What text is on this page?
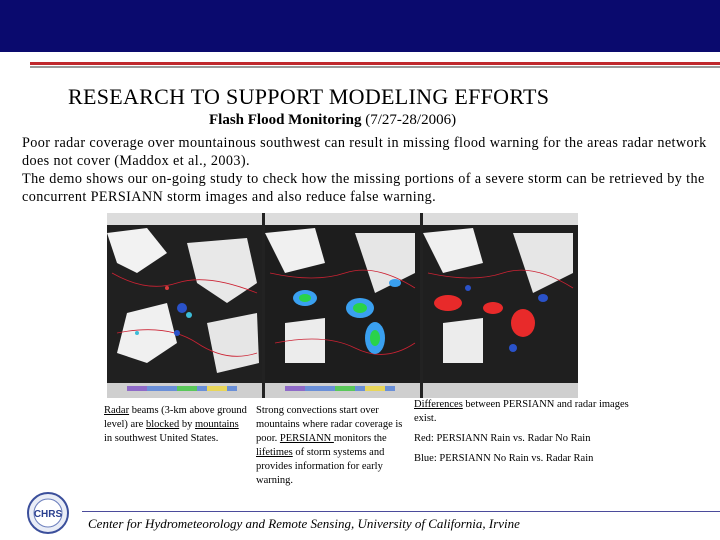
RESEARCH TO SUPPORT MODELING EFFORTS
Flash Flood Monitoring (7/27-28/2006)

Poor radar coverage over mountainous southwest can result in missing flood warning for the areas radar network does not cover (Maddox et al., 2003).

The demo shows our on-going study to check how the missing portions of a severe storm can be retrieved by the concurrent PERSIANN storm images and also reduce false warning.

Radar beams (3-km above ground level) are blocked by mountains in southwest United States.
Strong convections start over mountains where radar coverage is poor. PERSIANN monitors the lifetimes of storm systems and provides information for early warning.
Differences between PERSIANN and radar images exist.
Red: PERSIANN Rain vs. Radar No Rain
Blue: PERSIANN No Rain vs. Radar Rain
CHRS
Center for Hydrometeorology and Remote Sensing, University of California, Irvine
